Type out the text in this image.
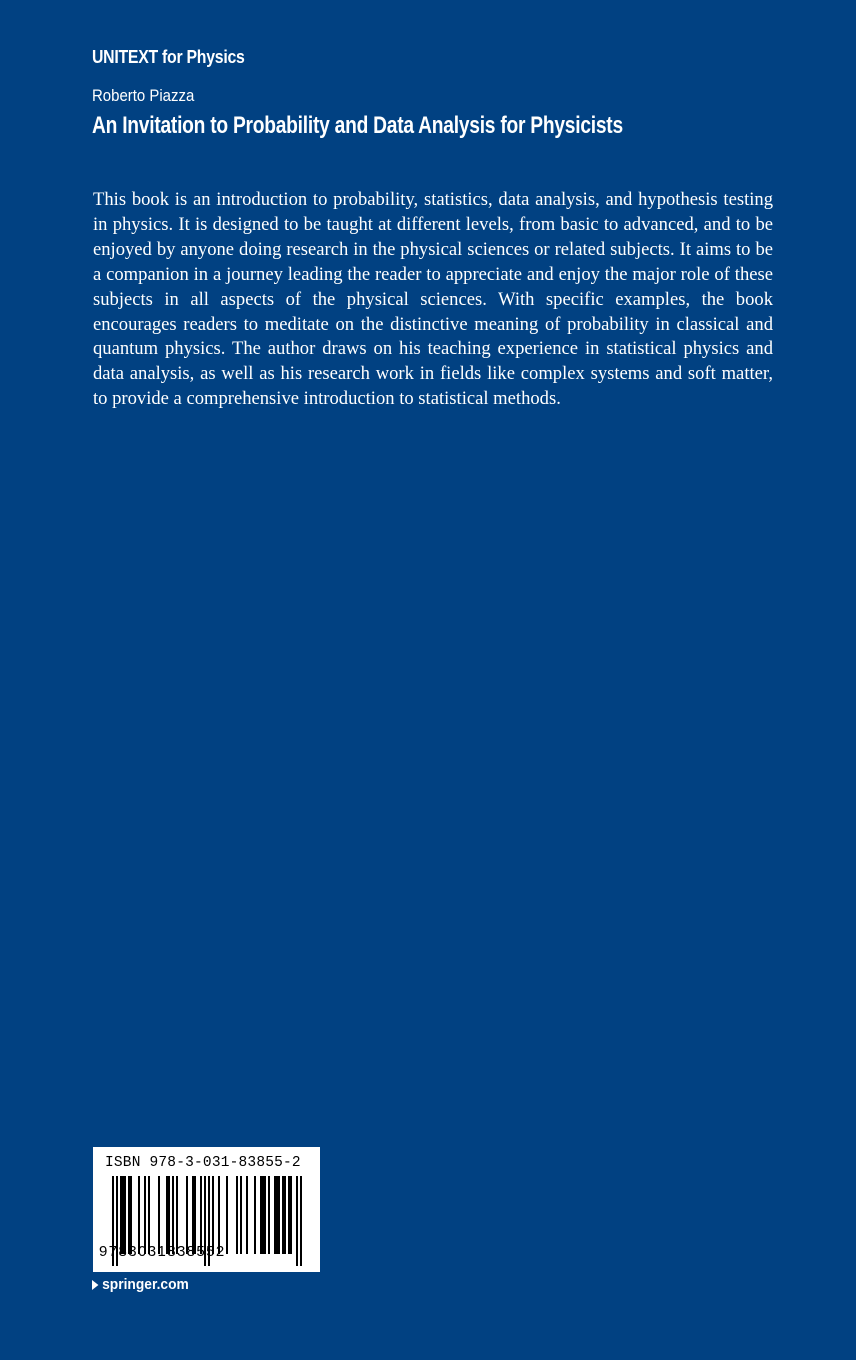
UNITEXT for Physics
Roberto Piazza
An Invitation to Probability and Data Analysis for Physicists

This book is an introduction to probability, statistics, data analysis, and hypothesis testing in physics. It is designed to be taught at different levels, from basic to advanced, and to be enjoyed by anyone doing research in the physical sciences or related subjects. It aims to be a companion in a journey leading the reader to appreciate and enjoy the major role of these subjects in all aspects of the physical sciences. With specific examples, the book encourages readers to meditate on the distinctive meaning of probability in classical and quantum physics. The author draws on his teaching experience in statistical physics and data analysis, as well as his research work in fields like complex systems and soft matter, to provide a comprehensive introduction to statistical methods.

ISBN 978-3-031-83855-2
9783031838552
springer.com
